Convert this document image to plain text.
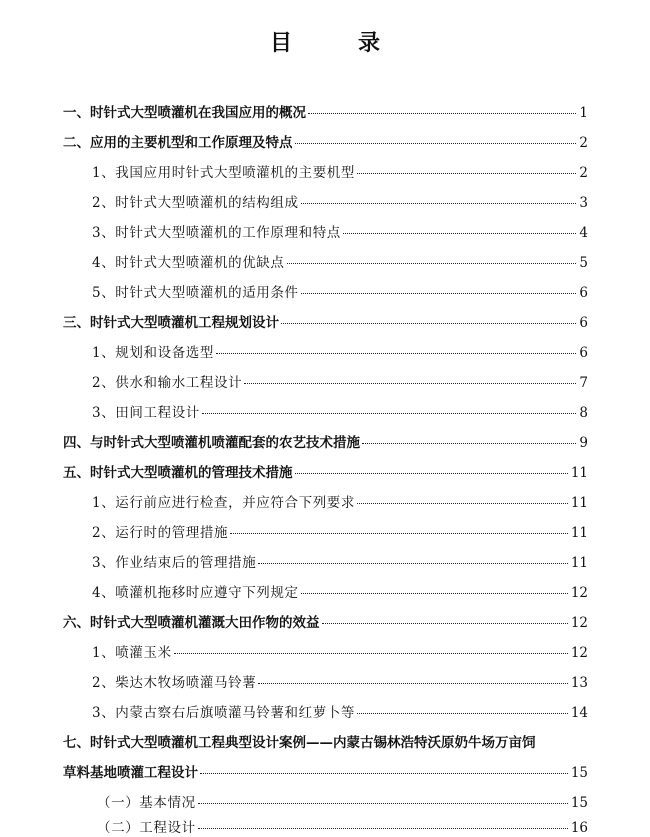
目　录
一、时针式大型喷灌机在我国应用的概况	1
二、应用的主要机型和工作原理及特点	2
1、我国应用时针式大型喷灌机的主要机型	2
2、时针式大型喷灌机的结构组成	3
3、时针式大型喷灌机的工作原理和特点	4
4、时针式大型喷灌机的优缺点	5
5、时针式大型喷灌机的适用条件	6
三、时针式大型喷灌机工程规划设计	6
1、规划和设备选型	6
2、供水和输水工程设计	7
3、田间工程设计	8
四、与时针式大型喷灌机喷灌配套的农艺技术措施	9
五、时针式大型喷灌机的管理技术措施	11
1、运行前应进行检查，并应符合下列要求	11
2、运行时的管理措施	11
3、作业结束后的管理措施	11
4、喷灌机拖移时应遵守下列规定	12
六、时针式大型喷灌机灌溉大田作物的效益	12
1、喷灌玉米	12
2、柴达木牧场喷灌马铃薯	13
3、内蒙古察右后旗喷灌马铃薯和红萝卜等	14
七、时针式大型喷灌机工程典型设计案例——内蒙古锡林浩特沃原奶牛场万亩饲
草料基地喷灌工程设计	15
（一）基本情况	15
（二）工程设计	16
